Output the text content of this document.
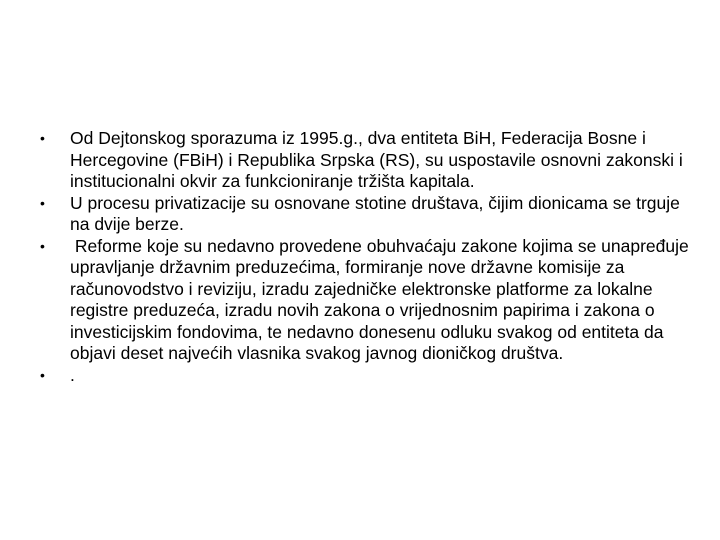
•	Od Dejtonskog sporazuma iz 1995.g., dva entiteta BiH, Federacija Bosne i Hercegovine (FBiH) i Republika Srpska (RS), su uspostavile osnovni zakonski i institucionalni okvir za funkcioniranje tržišta kapitala.
•	U procesu privatizacije su osnovane stotine društava, čijim dionicama se trguje na dvije berze.
•	Reforme koje su nedavno provedene obuhvaćaju zakone kojima se unapređuje upravljanje državnim preduzećima, formiranje nove državne komisije za računovodstvo i reviziju, izradu zajedničke elektronske platforme za lokalne registre preduzeća, izradu novih zakona o vrijednosnim papirima i zakona o investicijskim fondovima, te nedavno donesenu odluku svakog od entiteta da objavi deset najvećih vlasnika svakog javnog dioničkog društva.
•	.
